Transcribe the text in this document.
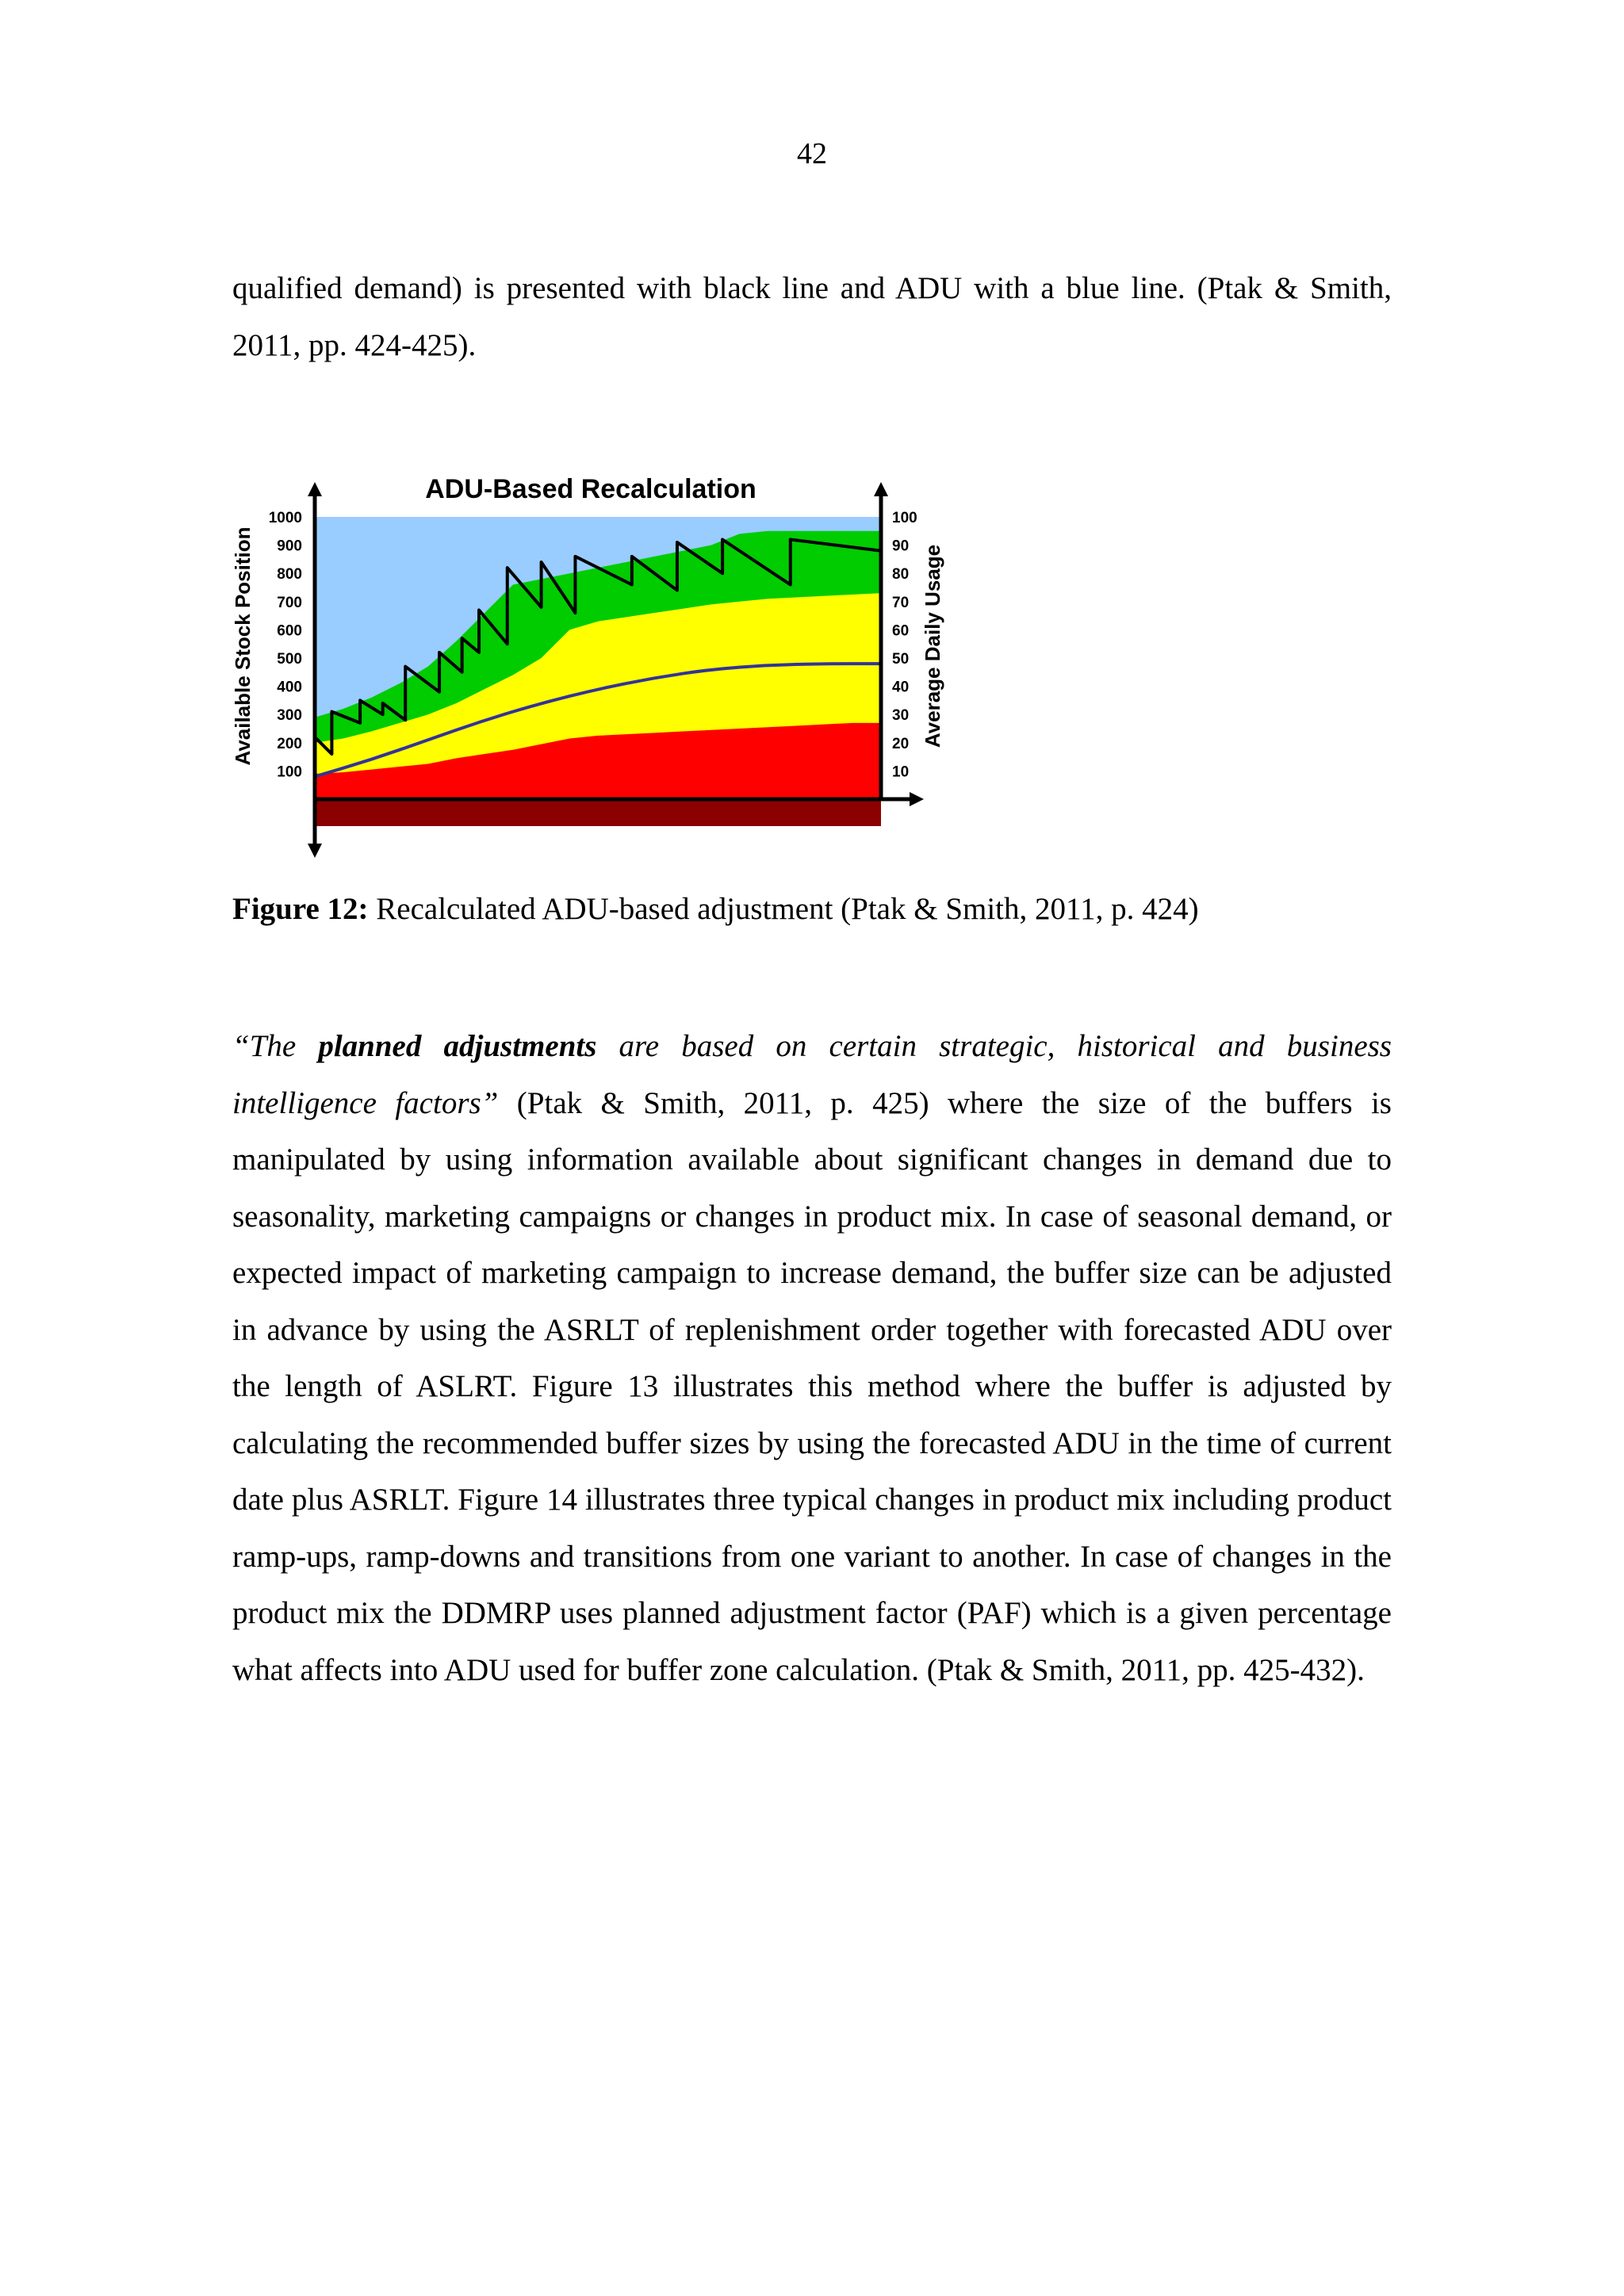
42

qualified demand) is presented with black line and ADU with a blue line. (Ptak & Smith, 2011, pp. 424-425).

100
200
300
400
500
600
700
800
900
1000
10
20
30
40
50
60
70
80
90
100
ADU-Based Recalculation
Available Stock Position	Average Daily Usage

Figure 12: Recalculated ADU-based adjustment (Ptak & Smith, 2011, p. 424)

“The planned adjustments are based on certain strategic, historical and business intelligence factors” (Ptak & Smith, 2011, p. 425) where the size of the buffers is manipulated by using information available about significant changes in demand due to seasonality, marketing campaigns or changes in product mix. In case of seasonal demand, or expected impact of marketing campaign to increase demand, the buffer size can be adjusted in advance by using the ASRLT of replenishment order together with forecasted ADU over the length of ASLRT. Figure 13 illustrates this method where the buffer is adjusted by calculating the recommended buffer sizes by using the forecasted ADU in the time of current date plus ASRLT. Figure 14 illustrates three typical changes in product mix including product ramp-ups, ramp-downs and transitions from one variant to another. In case of changes in the product mix the DDMRP uses planned adjustment factor (PAF) which is a given percentage what affects into ADU used for buffer zone calculation. (Ptak & Smith, 2011, pp. 425-432).
